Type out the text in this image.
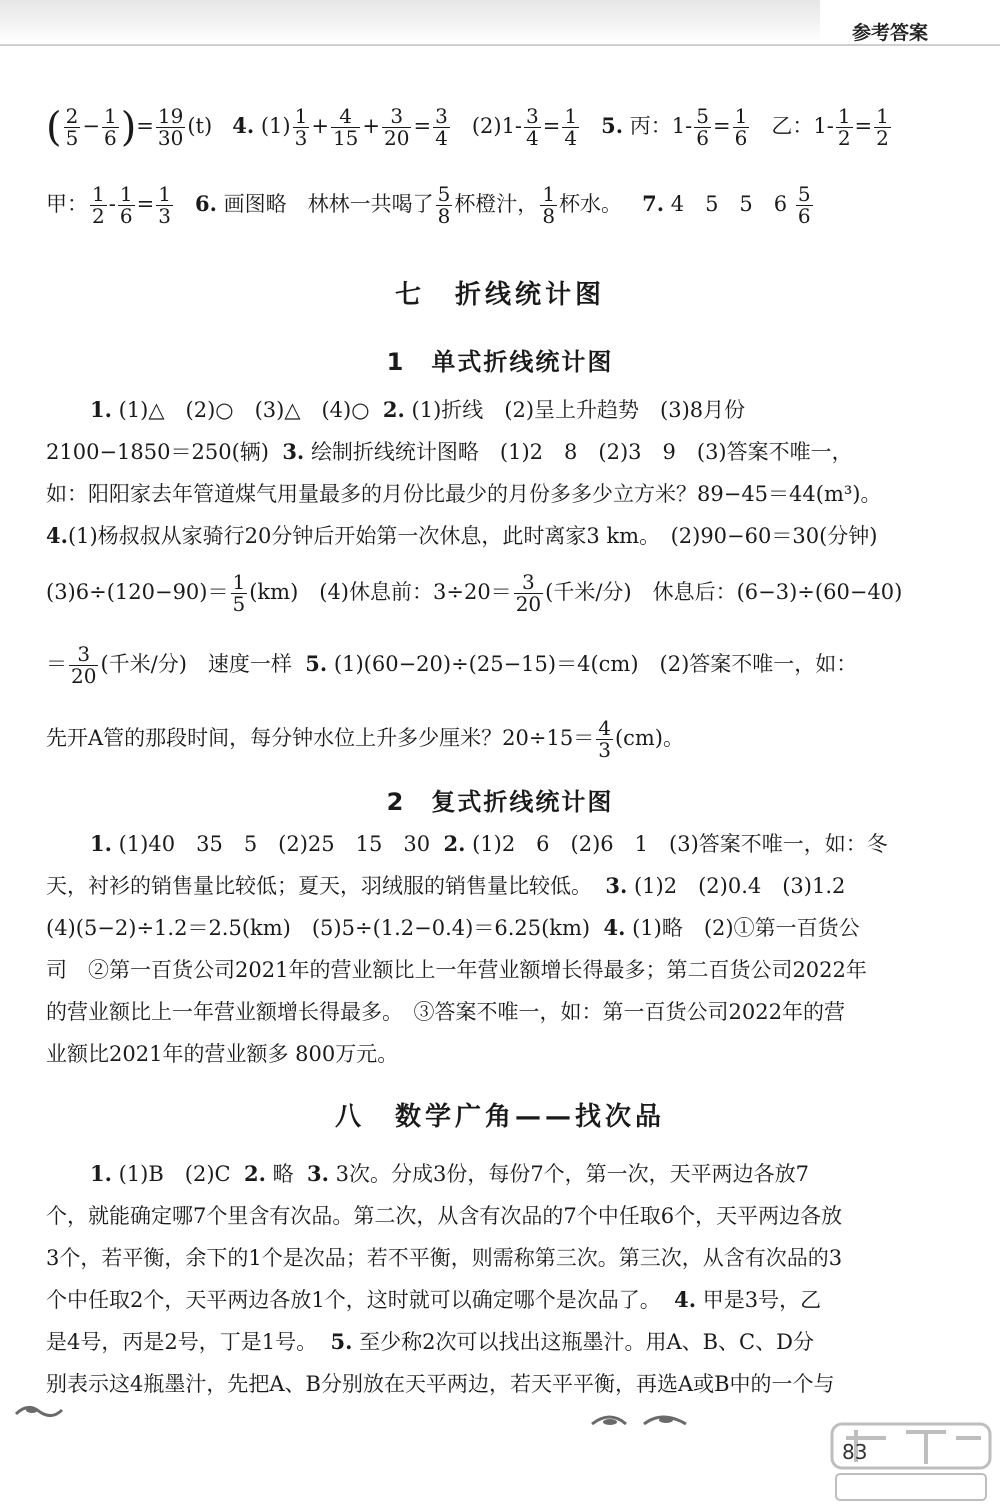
参考答案
( $\frac{2}{5} - \frac{1}{6}$ )= $\frac{19}{30} (t)$ 4. $(1) \frac{1}{3} + \frac{4}{15} + \frac{3}{20} = \frac{3}{4} (2)1- \frac{3}{4} = \frac{1}{4} 5$. 丙：$1- \frac{5}{6} = \frac{1}{6}$ 乙：$1- \frac{1}{2} = \frac{1}{2}$
甲： $\frac{1}{2} - \frac{1}{6} = \frac{1}{3} 6$. 画图略　林林一共喝了 $\frac{5}{8}$ 杯橙汁， $\frac{1}{8}$ 杯水。 7. 4　5　5　$6 \frac{5}{6}$
七　折线统计图
1　单式折线统计图
1. (1)△　(2)○　(3)△　(4)○ 2. (1)折线　(2)呈上升趋势　(3)8月份
2100−1850＝250(辆) 3. 绘制折线统计图略　(1)2　8　(2)3　9　(3)答案不唯一，
如：阳阳家去年管道煤气用量最多的月份比最少的月份多多少立方米？89−45＝44(m³)。
4.(1)杨叔叔从家骑行20分钟后开始第一次休息，此时离家3 km。　(2)90−60＝30(分钟)
$(3)6\div(120-90)= \frac{1}{5} (km)$　(4)休息前：$3\div 20= \frac{3}{20}$ (千米/分)　休息后：(6−3)÷(60−40)
＝ $\frac{3}{20}$ (千米/分)　速度一样 5. (1)(60−20)÷(25−15)＝4(cm)　(2)答案不唯一，如：
先开A管的那段时间，每分钟水位上升多少厘米？$20\div 15= \frac{4}{3} (cm)$。
2　复式折线统计图
1. (1)40　35　5　(2)25　15　30 2. (1)2　6　(2)6　1　(3)答案不唯一，如：冬
天，衬衫的销售量比较低；夏天，羽绒服的销售量比较低。 3. (1)2　(2)0.4　(3)1.2
(4)(5−2)÷1.2＝2.5(km)　(5)5÷(1.2−0.4)＝6.25(km) 4. (1)略　(2)①第一百货公
司　②第一百货公司2021年的营业额比上一年营业额增长得最多；第二百货公司2022年
的营业额比上一年营业额增长得最多。　③答案不唯一，如：第一百货公司2022年的营
业额比2021年的营业额多 800万元。
八　数学广角——找次品
1. (1)B　(2)C 2. 略 3. 3次。分成3份，每份7个，第一次，天平两边各放7
个，就能确定哪7个里含有次品。第二次，从含有次品的7个中任取6个，天平两边各放
3个，若平衡，余下的1个是次品；若不平衡，则需称第三次。第三次，从含有次品的3
个中任取2个，天平两边各放1个，这时就可以确定哪个是次品了。 4. 甲是3号，乙
是4号，丙是2号，丁是1号。 5. 至少称2次可以找出这瓶墨汁。用A、B、C、D分
别表示这4瓶墨汁，先把A、B分别放在天平两边，若天平平衡，再选A或B中的一个与
83
